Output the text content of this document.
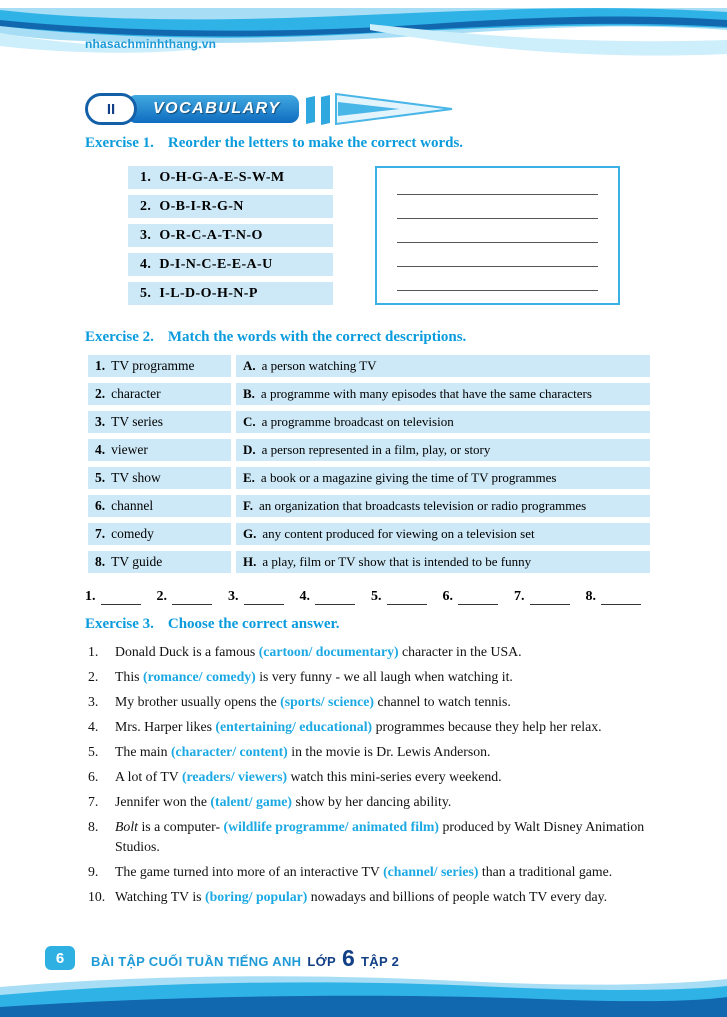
nhasachminhthang.vn
II	VOCABULARY
Exercise 1. Reorder the letters to make the correct words.
1. O-H-G-A-E-S-W-M
2. O-B-I-R-G-N
3. O-R-C-A-T-N-O
4. D-I-N-C-E-E-A-U
5. I-L-D-O-H-N-P
Exercise 2. Match the words with the correct descriptions.
1. TV programme	A. a person watching TV
2. character	B. a programme with many episodes that have the same characters
3. TV series	C. a programme broadcast on television
4. viewer	D. a person represented in a film, play, or story
5. TV show	E. a book or a magazine giving the time of TV programmes
6. channel	F. an organization that broadcasts television or radio programmes
7. comedy	G. any content produced for viewing on a television set
8. TV guide	H. a play, film or TV show that is intended to be funny
1.	2.	3.	4.	5.	6.	7.	8.
Exercise 3. Choose the correct answer.
1. Donald Duck is a famous (cartoon/ documentary) character in the USA.
2. This (romance/ comedy) is very funny - we all laugh when watching it.
3. My brother usually opens the (sports/ science) channel to watch tennis.
4. Mrs. Harper likes (entertaining/ educational) programmes because they help her relax.
5. The main (character/ content) in the movie is Dr. Lewis Anderson.
6. A lot of TV (readers/ viewers) watch this mini-series every weekend.
7. Jennifer won the (talent/ game) show by her dancing ability.
8. Bolt is a computer- (wildlife programme/ animated film) produced by Walt Disney Animation Studios.
9. The game turned into more of an interactive TV (channel/ series) than a traditional game.
10. Watching TV is (boring/ popular) nowadays and billions of people watch TV every day.
6	BÀI TẬP CUỐI TUẦN TIẾNG ANH LỚP 6 TẬP 2
